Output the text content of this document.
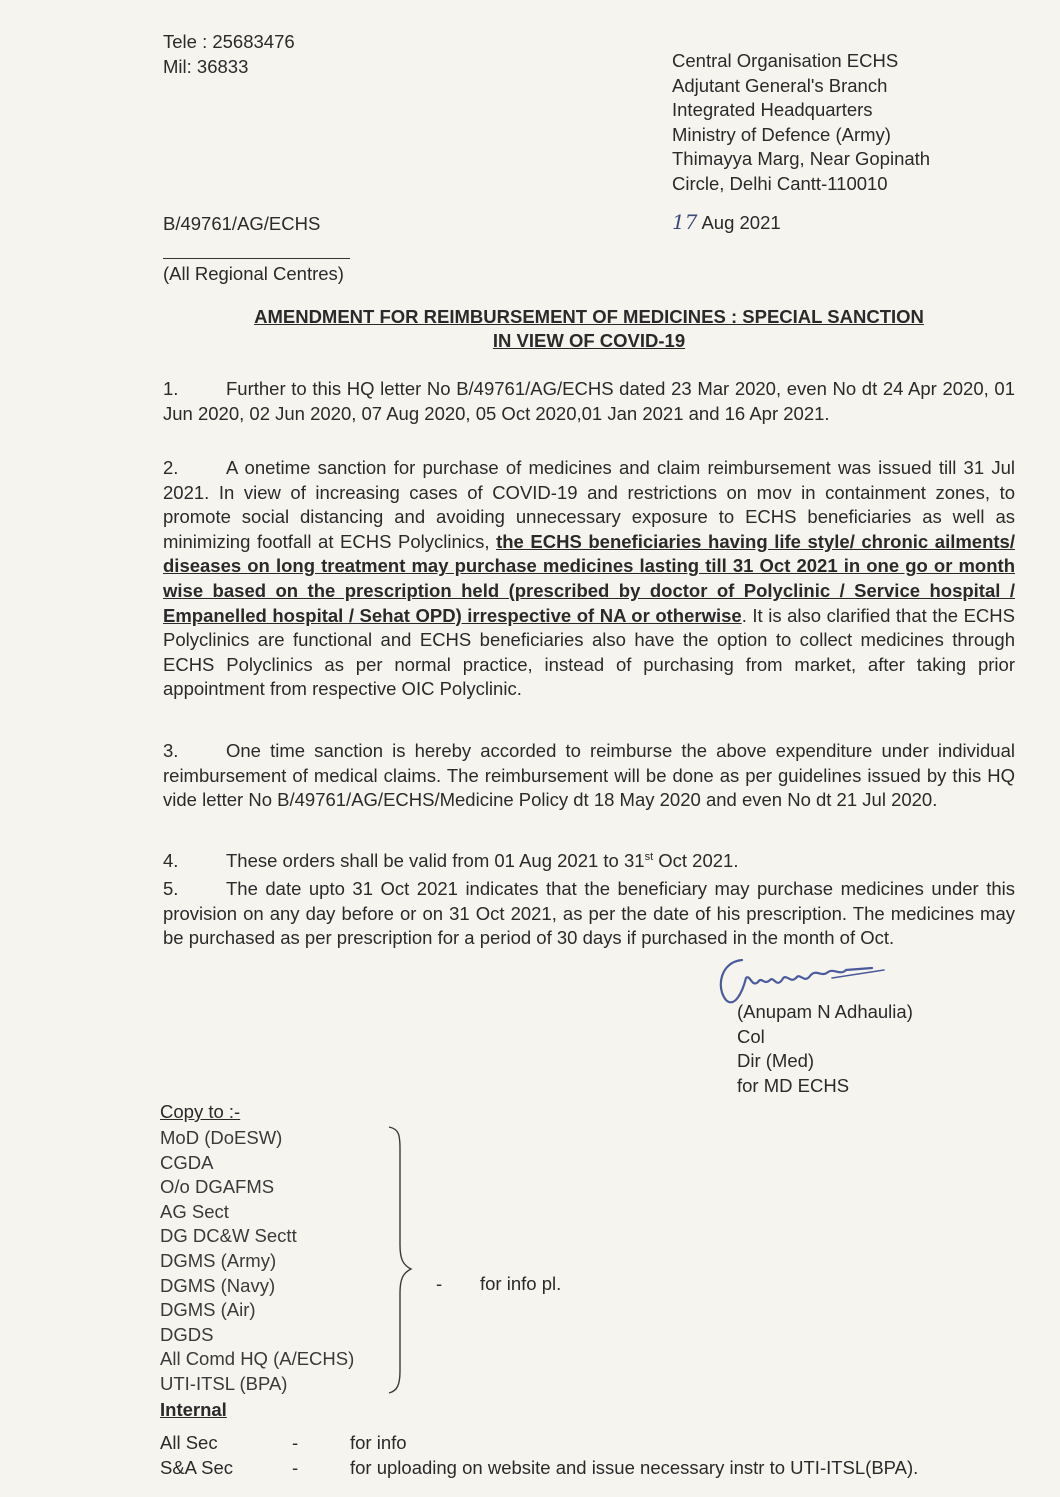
Tele : 25683476
Mil: 36833	Central Organisation ECHS
Adjutant General's Branch
Integrated Headquarters
Ministry of Defence (Army)
Thimayya Marg, Near Gopinath
Circle, Delhi Cantt-110010
B/49761/AG/ECHS	17 Aug 2021
(All Regional Centres)
AMENDMENT FOR REIMBURSEMENT OF MEDICINES : SPECIAL SANCTION
IN VIEW OF COVID-19
1.	Further to this HQ letter No B/49761/AG/ECHS dated 23 Mar 2020, even No dt 24 Apr 2020, 01 Jun 2020, 02 Jun 2020, 07 Aug 2020, 05 Oct 2020,01 Jan 2021 and 16 Apr 2021.
2.	A onetime sanction for purchase of medicines and claim reimbursement was issued till 31 Jul 2021. In view of increasing cases of COVID-19 and restrictions on mov in containment zones, to promote social distancing and avoiding unnecessary exposure to ECHS beneficiaries as well as minimizing footfall at ECHS Polyclinics, the ECHS beneficiaries having life style/ chronic ailments/ diseases on long treatment may purchase medicines lasting till 31 Oct 2021 in one go or month wise based on the prescription held (prescribed by doctor of Polyclinic / Service hospital / Empanelled hospital / Sehat OPD) irrespective of NA or otherwise. It is also clarified that the ECHS Polyclinics are functional and ECHS beneficiaries also have the option to collect medicines through ECHS Polyclinics as per normal practice, instead of purchasing from market, after taking prior appointment from respective OIC Polyclinic.
3.	One time sanction is hereby accorded to reimburse the above expenditure under individual reimbursement of medical claims. The reimbursement will be done as per guidelines issued by this HQ vide letter No B/49761/AG/ECHS/Medicine Policy dt 18 May 2020 and even No dt 21 Jul 2020.
4.	These orders shall be valid from 01 Aug 2021 to 31st Oct 2021.
5.	The date upto 31 Oct 2021 indicates that the beneficiary may purchase medicines under this provision on any day before or on 31 Oct 2021, as per the date of his prescription. The medicines may be purchased as per prescription for a period of 30 days if purchased in the month of Oct.
(Anupam N Adhaulia)
Col
Dir (Med)
for MD ECHS
Copy to :-
MoD (DoESW)
CGDA
O/o DGAFMS
AG Sect
DG DC&W Sectt
DGMS (Army)
DGMS (Navy)
DGMS (Air)
DGDS
All Comd HQ (A/ECHS)
UTI-ITSL (BPA)
- for info pl.
Internal
All Sec	-	for info
S&A Sec	-	for uploading on website and issue necessary instr to UTI-ITSL(BPA).
